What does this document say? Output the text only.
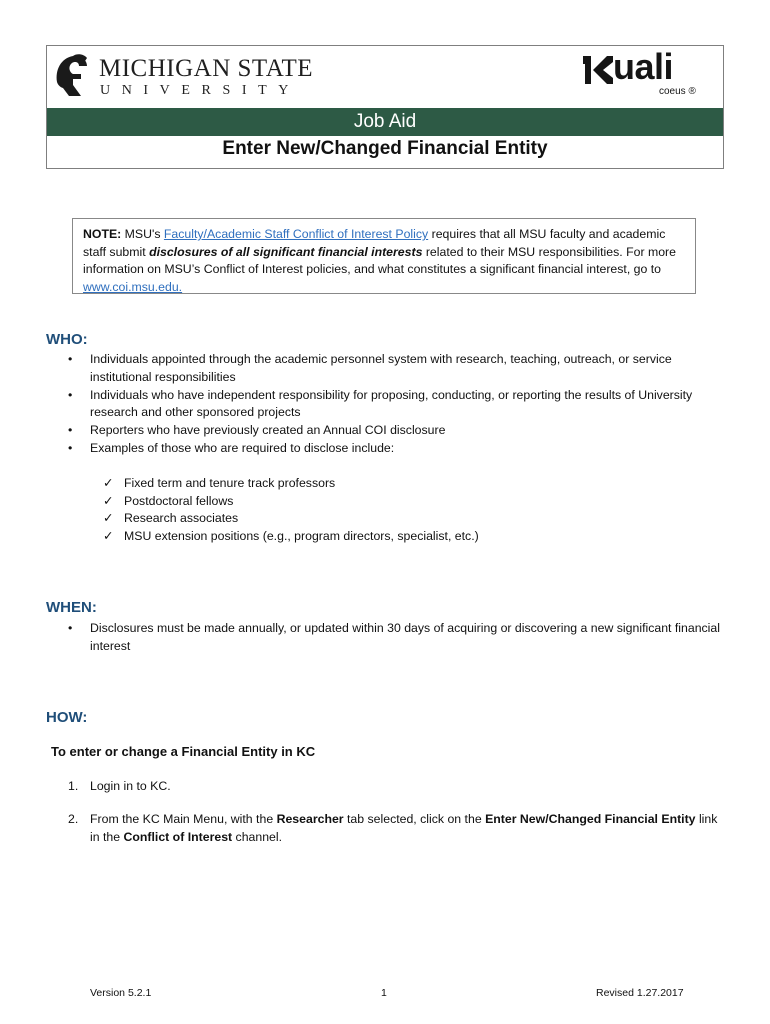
MICHIGAN STATE
UNIVERSITY
uali
coeus ®
Job Aid
Enter New/Changed Financial Entity
NOTE: MSU's Faculty/Academic Staff Conflict of Interest Policy requires that all MSU faculty and academic staff submit disclosures of all significant financial interests related to their MSU responsibilities. For more information on MSU’s Conflict of Interest policies, and what constitutes a significant financial interest, go to www.coi.msu.edu.
WHO:
• Individuals appointed through the academic personnel system with research, teaching, outreach, or service institutional responsibilities
• Individuals who have independent responsibility for proposing, conducting, or reporting the results of University research and other sponsored projects
• Reporters who have previously created an Annual COI disclosure
• Examples of those who are required to disclose include:
✓ Fixed term and tenure track professors
✓ Postdoctoral fellows
✓ Research associates
✓ MSU extension positions (e.g., program directors, specialist, etc.)
WHEN:
• Disclosures must be made annually, or updated within 30 days of acquiring or discovering a new significant financial interest
HOW:
To enter or change a Financial Entity in KC
1. Login in to KC.
2. From the KC Main Menu, with the Researcher tab selected, click on the Enter New/Changed Financial Entity link in the Conflict of Interest channel.
Version 5.2.1	1	Revised 1.27.2017
